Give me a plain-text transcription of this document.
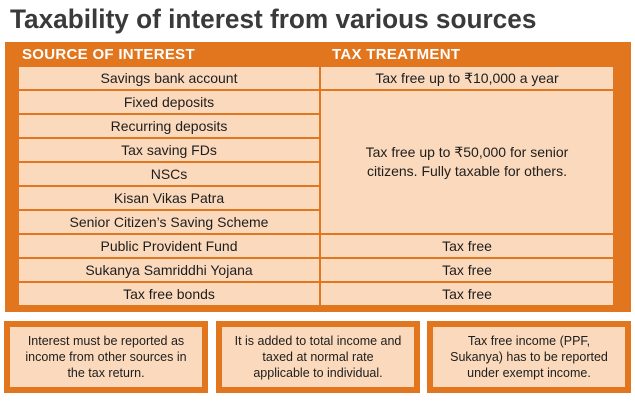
Taxability of interest from various sources
SOURCE OF INTEREST	TAX TREATMENT
Savings bank account
Fixed deposits
Recurring deposits
Tax saving FDs
NSCs
Kisan Vikas Patra
Senior Citizen’s Saving Scheme
Public Provident Fund
Sukanya Samriddhi Yojana
Tax free bonds
Tax free up to ₹10,000 a year
Tax free up to ₹50,000 for senior citizens. Fully taxable for others.
Tax free
Tax free
Tax free
Interest must be reported as income from other sources in the tax return.
It is added to total income and taxed at normal rate applicable to individual.
Tax free income (PPF, Sukanya) has to be reported under exempt income.
